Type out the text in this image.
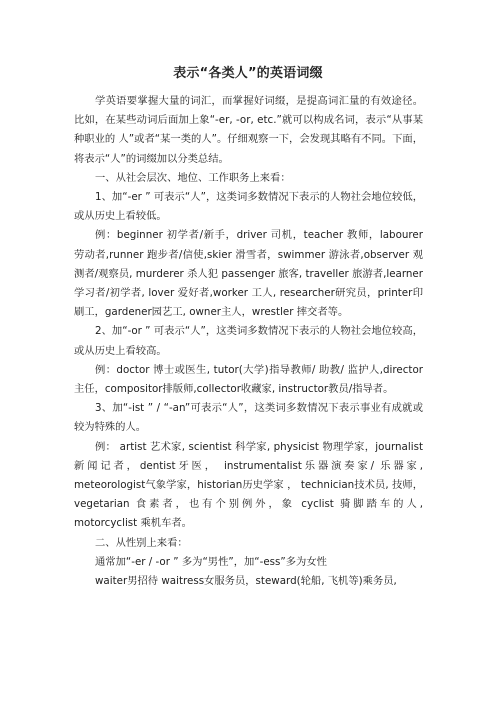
表示“各类人”的英语词缀

学英语要掌握大量的词汇，而掌握好词缀，是提高词汇量的有效途径。比如，在某些动词后面加上象“-er, -or, etc.”就可以构成名词，表示“从事某种职业的 人”或者“某一类的人”。仔细观察一下，会发现其略有不同。下面，将表示“人”的词缀加以分类总结。

一、从社会层次、地位、工作职务上来看：

1、加“-er ” 可表示“人”，这类词多数情况下表示的人物社会地位较低，或从历史上看较低。

例：beginner 初学者/新手，driver 司机，teacher 教师，labourer 劳动者,runner 跑步者/信使,skier 滑雪者，swimmer 游泳者,observer 观测者/观察员, murderer 杀人犯 passenger 旅客, traveller 旅游者,learner 学习者/初学者, lover 爱好者,worker 工人, researcher研究员，printer印刷工，gardener园艺工, owner主人，wrestler 摔交者等。

2、加“-or ” 可表示“人”，这类词多数情况下表示的人物社会地位较高，或从历史上看较高。

例：doctor 博士或医生, tutor(大学)指导教师/ 助教/ 监护人,director 主任，compositor排版师,collector收藏家, instructor教员/指导者。

3、加“-ist ” / “-an”可表示“人”，这类词多数情况下表示事业有成就或较为特殊的人。

例： artist 艺术家, scientist 科学家, physicist 物理学家，journalist新闻记者，dentist牙医， instrumentalist乐器演奏家/ 乐器家, meteorologist气象学家，historian历史学家 ， technician技术员, 技师，vegetarian 食素者，也有个别例外，象 cyclist 骑脚踏车的人, motorcyclist 乘机车者。

二、从性别上来看：

通常加“-er / -or ” 多为“男性”，加“-ess”多为女性

waiter男招待 waitress女服务员，steward(轮船, 飞机等)乘务员,
